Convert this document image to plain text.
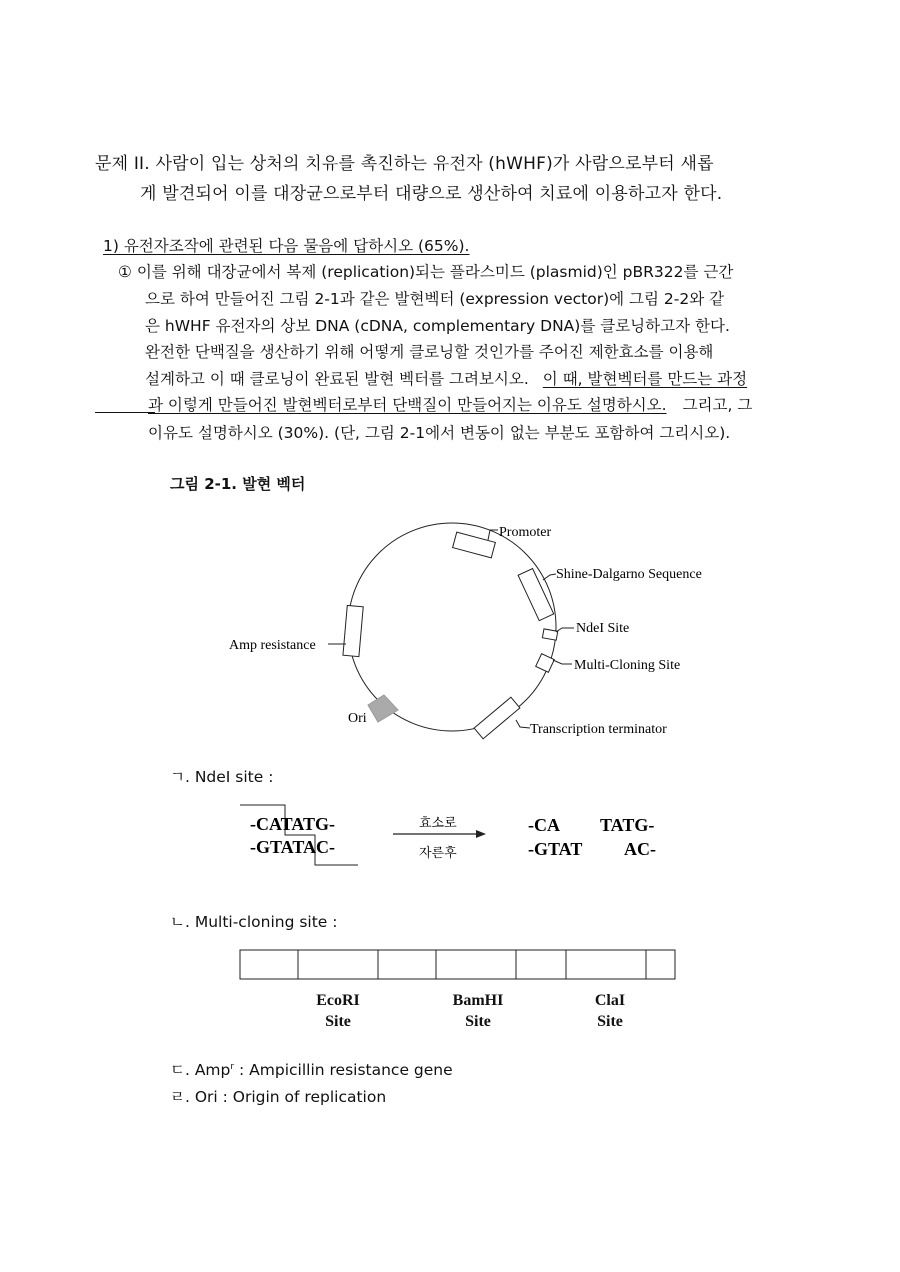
문제 II. 사람이 입는 상처의 치유를 촉진하는 유전자 (hWHF)가 사람으로부터 새롭
게 발견되어 이를 대장균으로부터 대량으로 생산하여 치료에 이용하고자 한다.
1) 유전자조작에 관련된 다음 물음에 답하시오 (65%).
① 이를 위해 대장균에서 복제 (replication)되는 플라스미드 (plasmid)인 pBR322를 근간
으로 하여 만들어진 그림 2-1과 같은 발현벡터 (expression vector)에 그림 2-2와 같
은 hWHF 유전자의 상보 DNA (cDNA, complementary DNA)를 클로닝하고자 한다.
완전한 단백질을 생산하기 위해 어떻게 클로닝할 것인가를 주어진 제한효소를 이용해
설계하고 이 때 클로닝이 완료된 발현 벡터를 그려보시오. 이 때, 발현벡터를 만드는 과정
과 이렇게 만들어진 발현벡터로부터 단백질이 만들어지는 이유도 설명하시오. 그리고, 그
이유도 설명하시오 (30%). (단, 그림 2-1에서 변동이 없는 부분도 포함하여 그리시오).
그림 2-1. 발현 벡터
Promoter
Shine-Dalgarno Sequence
NdeI Site
Multi-Cloning Site
Transcription terminator
Amp resistance
Ori
ㄱ. NdeI site :
-CATATG-
-GTATAC-
효소로
자른후
-CA TATG-
-GTAT AC-
ㄴ. Multi-cloning site :
EcoRI
Site
BamHI
Site
ClaI
Site
ㄷ. Amp$^r$ : Ampicillin resistance gene
ㄹ. Ori : Origin of replication
